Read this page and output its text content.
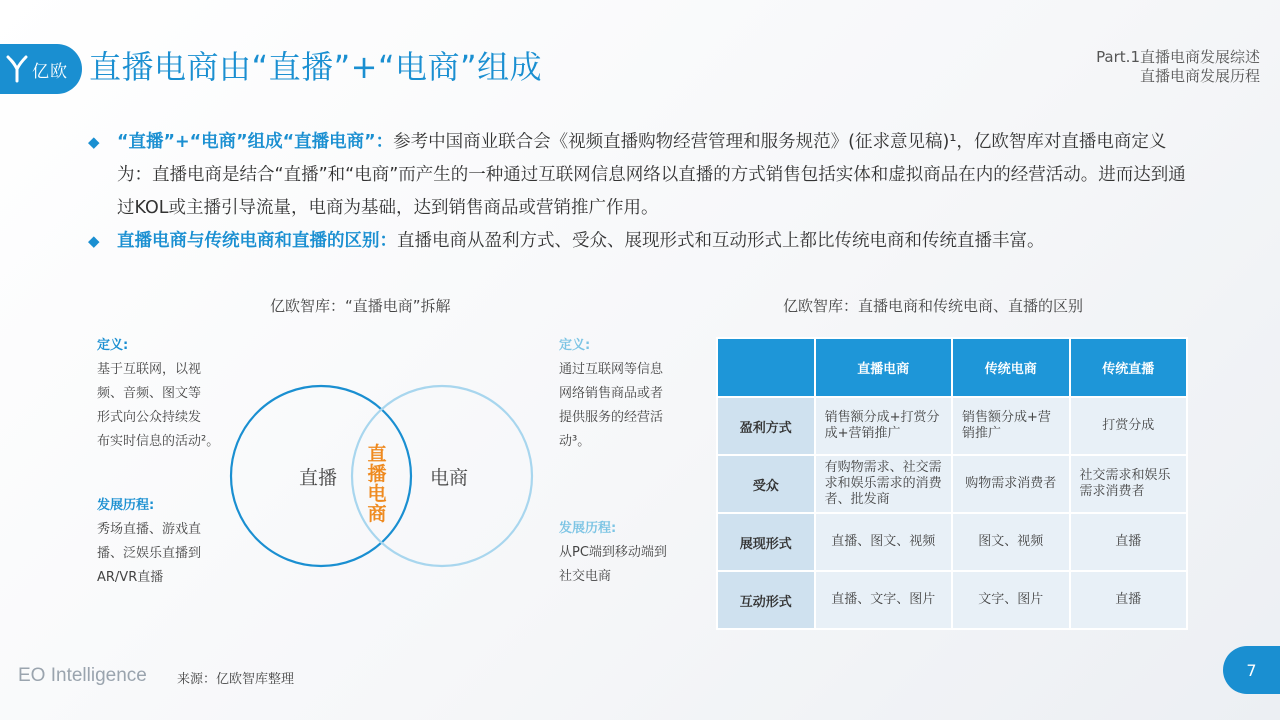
亿欧 直播电商由“直播”+“电商”组成	Part.1直播电商发展综述
直播电商发展历程
◆ “直播”+“电商”组成“直播电商”：参考中国商业联合会《视频直播购物经营管理和服务规范》(征求意见稿)¹，亿欧智库对直播电商定义为：直播电商是结合“直播”和“电商”而产生的一种通过互联网信息网络以直播的方式销售包括实体和虚拟商品在内的经营活动。进而达到通过KOL或主播引导流量，电商为基础，达到销售商品或营销推广作用。
◆ 直播电商与传统电商和直播的区别：直播电商从盈利方式、受众、展现形式和互动形式上都比传统电商和传统直播丰富。
亿欧智库：“直播电商”拆解	亿欧智库：直播电商和传统电商、直播的区别
定义:
基于互联网，以视
频、音频、图文等
形式向公众持续发
布实时信息的活动²。
发展历程:
秀场直播、游戏直
播、泛娱乐直播到
AR/VR直播
直播	电商
直
播
电
商
定义:
通过互联网等信息
网络销售商品或者
提供服务的经营活
动³。
发展历程:
从PC端到移动端到
社交电商
	直播电商	传统电商	传统直播
盈利方式	销售额分成+打赏分成+营销推广	销售额分成+营销推广	打赏分成
受众	有购物需求、社交需求和娱乐需求的消费者、批发商	购物需求消费者	社交需求和娱乐需求消费者
展现形式	直播、图文、视频	图文、视频	直播
互动形式	直播、文字、图片	文字、图片	直播
EO Intelligence 来源：亿欧智库整理	7
